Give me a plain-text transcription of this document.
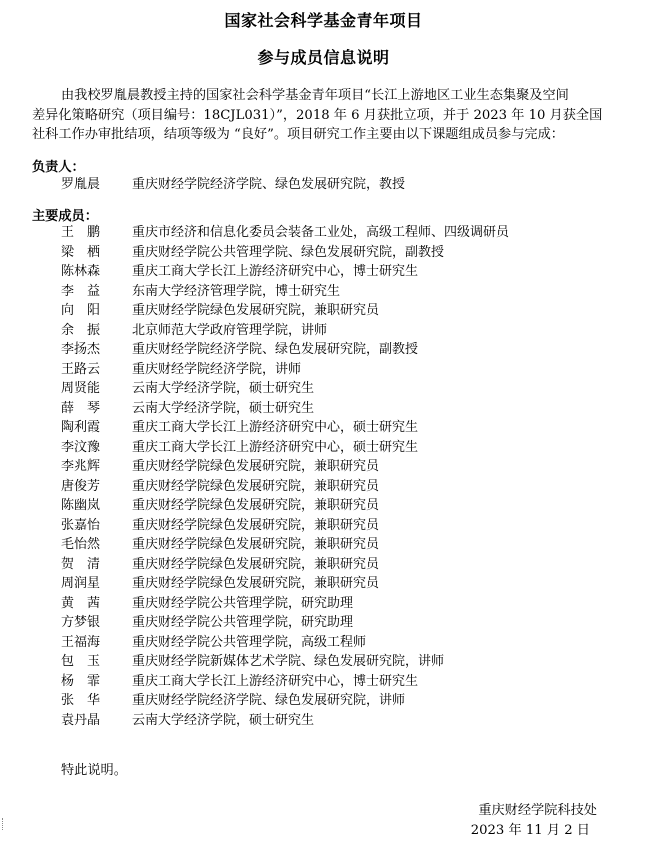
国家社会科学基金青年项目
参与成员信息说明
由我校罗胤晨教授主持的国家社会科学基金青年项目“长江上游地区工业生态集聚及空间
差异化策略研究（项目编号：18CJL031）”，2018 年 6 月获批立项，并于 2023 年 10 月获全国
社科工作办审批结项，结项等级为 “良好”。项目研究工作主要由以下课题组成员参与完成：
负责人：
罗胤晨 重庆财经学院经济学院、绿色发展研究院，教授
主要成员：
王　鹏 重庆市经济和信息化委员会装备工业处，高级工程师、四级调研员
梁　栖 重庆财经学院公共管理学院、绿色发展研究院，副教授
陈林森 重庆工商大学长江上游经济研究中心，博士研究生
李　益 东南大学经济管理学院，博士研究生
向　阳 重庆财经学院绿色发展研究院，兼职研究员
余　振 北京师范大学政府管理学院，讲师
李扬杰 重庆财经学院经济学院、绿色发展研究院，副教授
王路云 重庆财经学院经济学院，讲师
周贤能 云南大学经济学院，硕士研究生
薛　琴 云南大学经济学院，硕士研究生
陶利霞 重庆工商大学长江上游经济研究中心，硕士研究生
李汶豫 重庆工商大学长江上游经济研究中心，硕士研究生
李兆辉 重庆财经学院绿色发展研究院，兼职研究员
唐俊芳 重庆财经学院绿色发展研究院，兼职研究员
陈幽岚 重庆财经学院绿色发展研究院，兼职研究员
张嘉怡 重庆财经学院绿色发展研究院，兼职研究员
毛怡然 重庆财经学院绿色发展研究院，兼职研究员
贺　清 重庆财经学院绿色发展研究院，兼职研究员
周润星 重庆财经学院绿色发展研究院，兼职研究员
黄　茜 重庆财经学院公共管理学院，研究助理
方梦银 重庆财经学院公共管理学院，研究助理
王福海 重庆财经学院公共管理学院，高级工程师
包　玉 重庆财经学院新媒体艺术学院、绿色发展研究院，讲师
杨　霏 重庆工商大学长江上游经济研究中心，博士研究生
张　华 重庆财经学院经济学院、绿色发展研究院，讲师
袁丹晶 云南大学经济学院，硕士研究生
特此说明。
重庆财经学院科技处
2023 年 11 月 2 日
